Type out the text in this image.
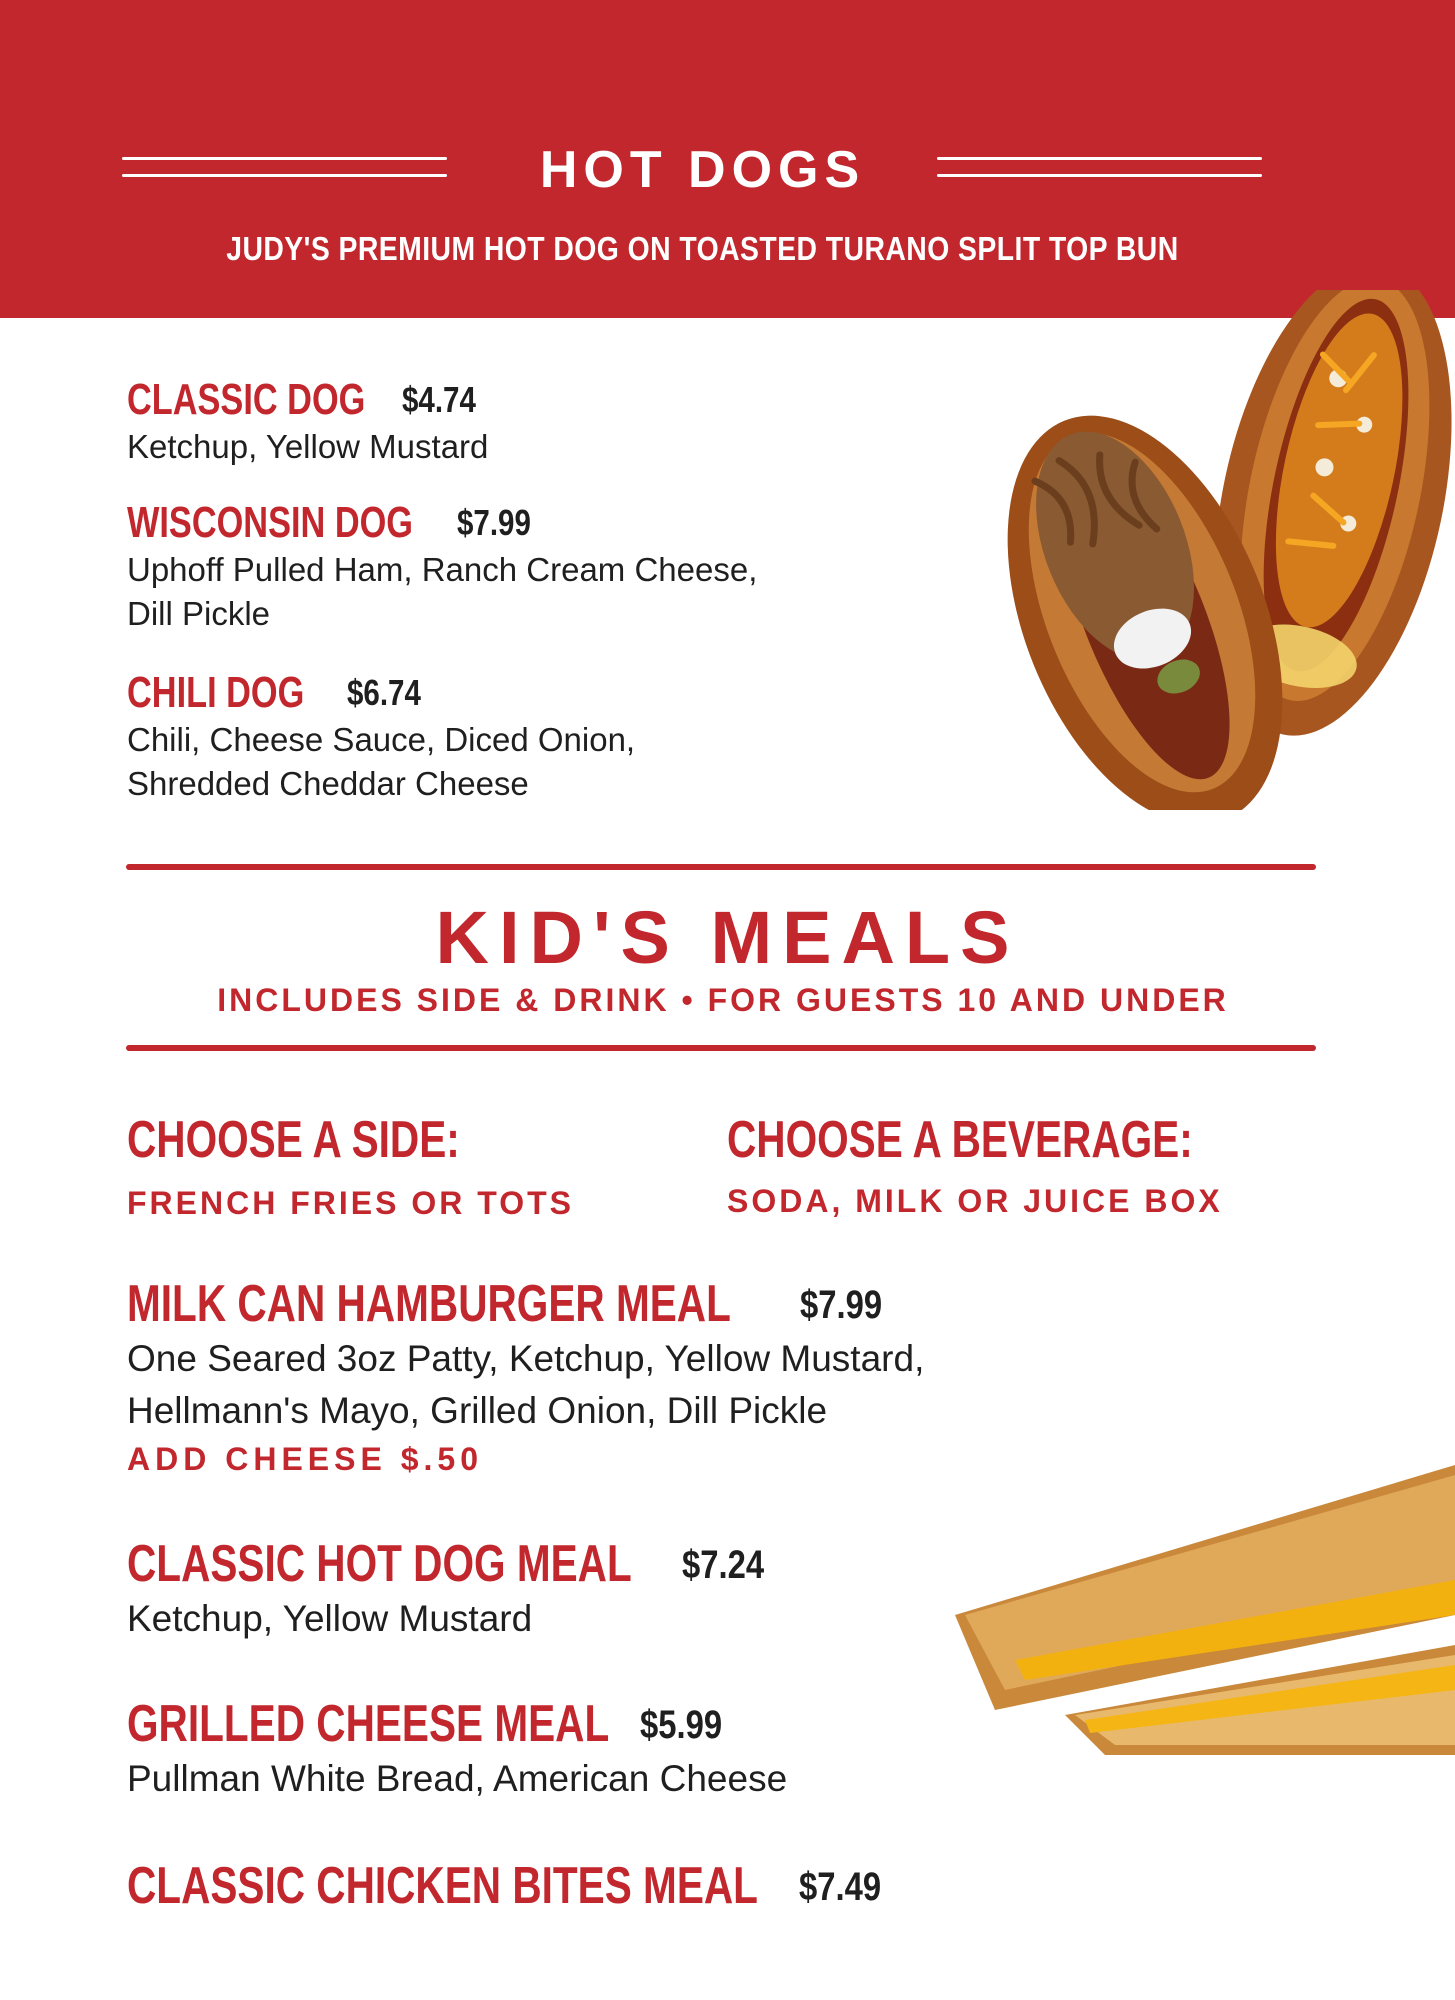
HOT DOGS
JUDY'S PREMIUM HOT DOG ON TOASTED TURANO SPLIT TOP BUN
CLASSIC DOG $4.74
Ketchup, Yellow Mustard
WISCONSIN DOG $7.99
Uphoff Pulled Ham, Ranch Cream Cheese,
Dill Pickle
CHILI DOG $6.74
Chili, Cheese Sauce, Diced Onion,
Shredded Cheddar Cheese
KID'S MEALS
INCLUDES SIDE & DRINK • FOR GUESTS 10 AND UNDER
CHOOSE A SIDE:
FRENCH FRIES OR TOTS
CHOOSE A BEVERAGE:
SODA, MILK OR JUICE BOX
MILK CAN HAMBURGER MEAL $7.99
One Seared 3oz Patty, Ketchup, Yellow Mustard,
Hellmann's Mayo, Grilled Onion, Dill Pickle
ADD CHEESE $.50
CLASSIC HOT DOG MEAL $7.24
Ketchup, Yellow Mustard
GRILLED CHEESE MEAL $5.99
Pullman White Bread, American Cheese
CLASSIC CHICKEN BITES MEAL $7.49
